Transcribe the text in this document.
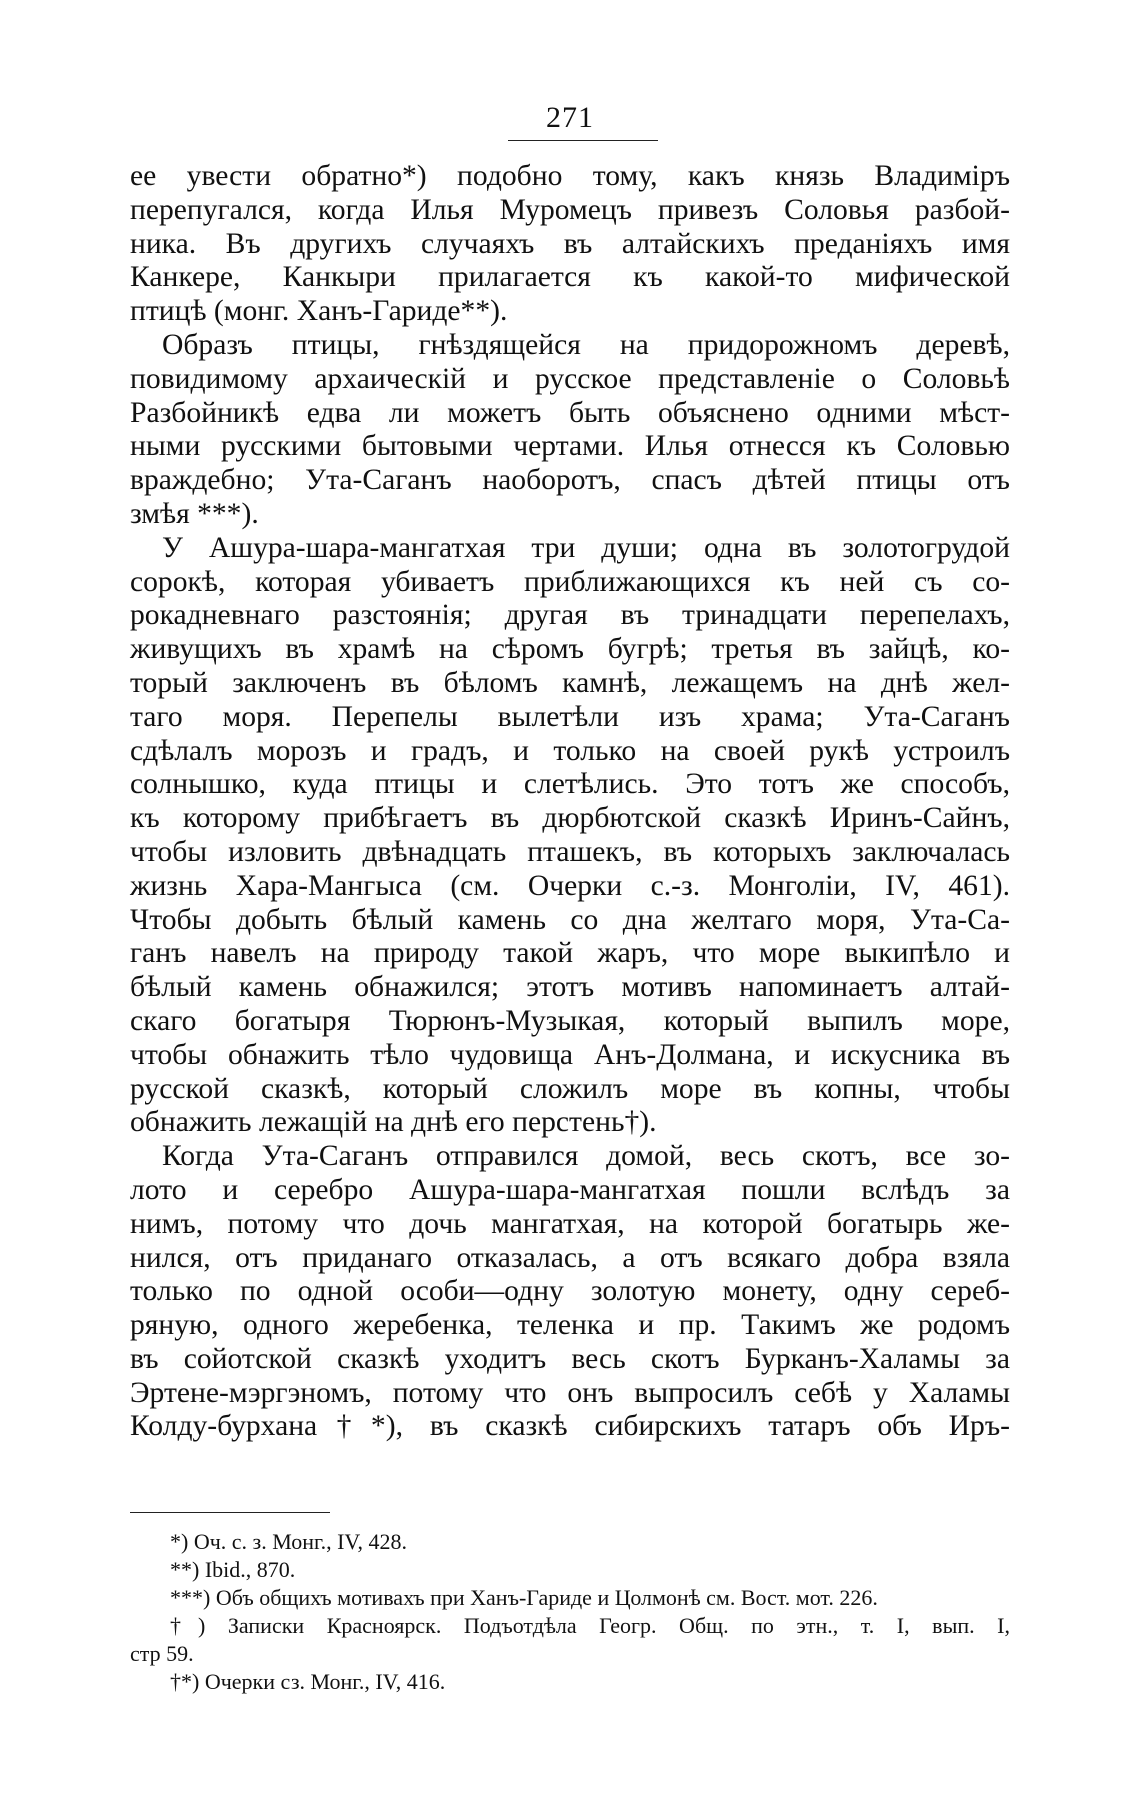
271
ее увести обратно*) подобно тому, какъ князь Владиміръ
перепугался, когда Илья Муромецъ привезъ Соловья разбой-
ника. Въ другихъ случаяхъ въ алтайскихъ преданіяхъ имя
Канкере, Канкыри прилагается къ какой-то мифической
птицѣ (монг. Ханъ-Гариде**).
Образъ птицы, гнѣздящейся на придорожномъ деревѣ,
повидимому архаическій и русское представленіе о Соловьѣ
Разбойникѣ едва ли можетъ быть объяснено одними мѣст-
ными русскими бытовыми чертами. Илья отнесся къ Соловью
враждебно; Ута-Саганъ наоборотъ, спасъ дѣтей птицы отъ
змѣя ***).
У Ашура-шара-мангатхая три души; одна въ золотогрудой
сорокѣ, которая убиваетъ приближающихся къ ней съ со-
рокадневнаго разстоянія; другая въ тринадцати перепелахъ,
живущихъ въ храмѣ на сѣромъ бугрѣ; третья въ зайцѣ, ко-
торый заключенъ въ бѣломъ камнѣ, лежащемъ на днѣ жел-
таго моря. Перепелы вылетѣли изъ храма; Ута-Саганъ
сдѣлалъ морозъ и градъ, и только на своей рукѣ устроилъ
солнышко, куда птицы и слетѣлись. Это тотъ же способъ,
къ которому прибѣгаетъ въ дюрбютской сказкѣ Иринъ-Сайнъ,
чтобы изловить двѣнадцать пташекъ, въ которыхъ заключалась
жизнь Хара-Мангыса (см. Очерки с.-з. Монголіи, IV, 461).
Чтобы добыть бѣлый камень со дна желтаго моря, Ута-Са-
ганъ навелъ на природу такой жаръ, что море выкипѣло и
бѣлый камень обнажился; этотъ мотивъ напоминаетъ алтай-
скаго богатыря Тюрюнъ-Музыкая, который выпилъ море,
чтобы обнажить тѣло чудовища Анъ-Долмана, и искусника въ
русской сказкѣ, который сложилъ море въ копны, чтобы
обнажить лежащій на днѣ его перстень†).
Когда Ута-Саганъ отправился домой, весь скотъ, все зо-
лото и серебро Ашура-шара-мангатхая пошли вслѣдъ за
нимъ, потому что дочь мангатхая, на которой богатырь же-
нился, отъ приданаго отказалась, а отъ всякаго добра взяла
только по одной особи—одну золотую монету, одну сереб-
ряную, одного жеребенка, теленка и пр. Такимъ же родомъ
въ сойотской сказкѣ уходитъ весь скотъ Бурканъ-Халамы за
Эртене-мэргэномъ, потому что онъ выпросилъ себѣ у Халамы
Колду-бурхана†*), въ сказкѣ сибирскихъ татаръ объ Иръ-
*) Оч. с. з. Монг., IV, 428.
**) Ibid., 870.
***) Объ общихъ мотивахъ при Ханъ-Гариде и Цолмонѣ см. Вост. мот. 226.
†) Записки Красноярск. Подъотдѣла Геогр. Общ. по этн., т. I, вып. I,
стр 59.
†*) Очерки сз. Монг., IV, 416.
